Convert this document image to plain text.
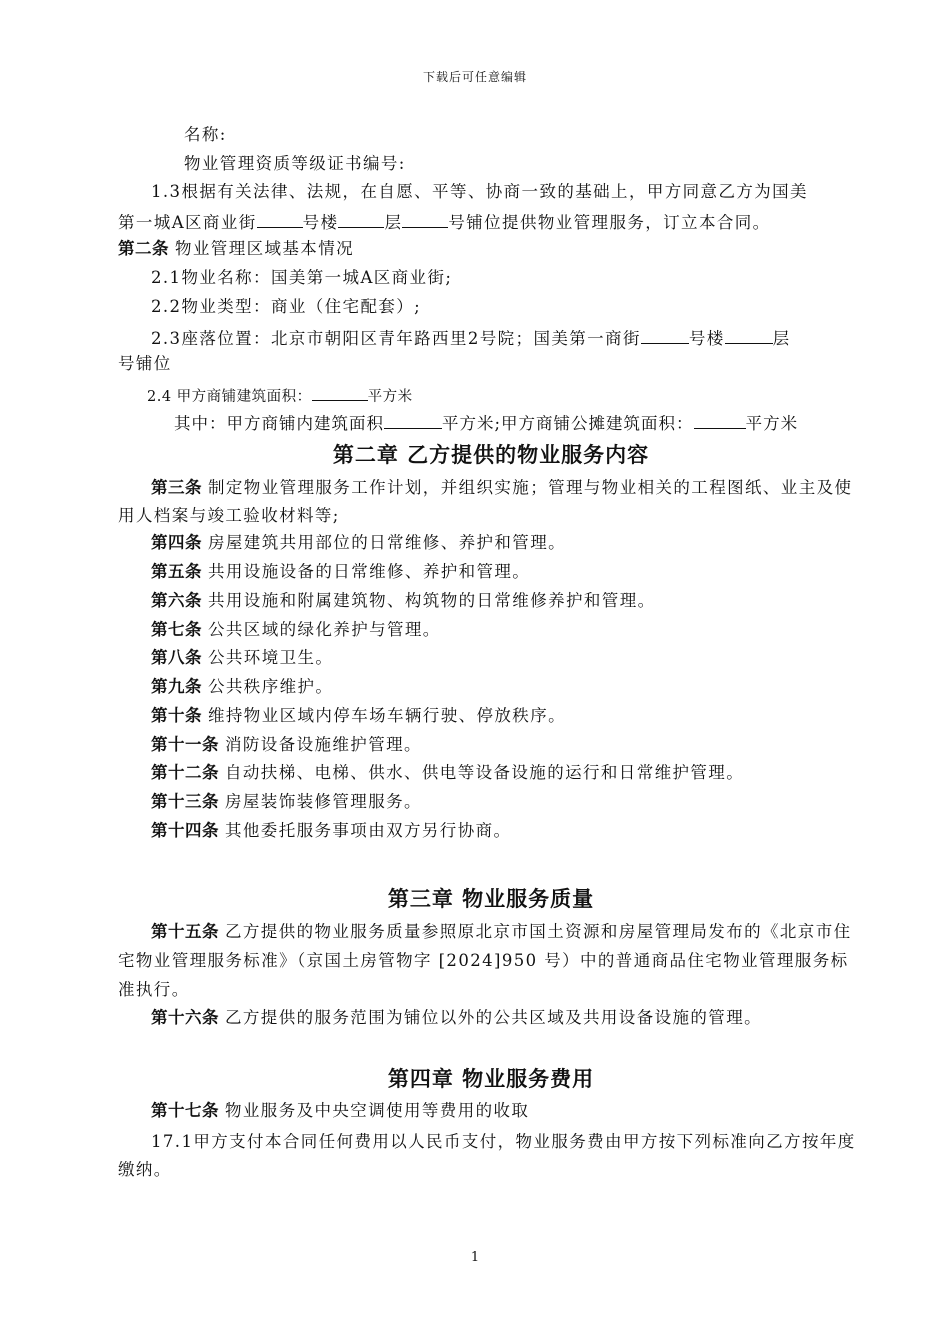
下载后可任意编辑
名称:
物业管理资质等级证书编号:
1.3根据有关法律、法规，在自愿、平等、协商一致的基础上，甲方同意乙方为国美
第一城A区商业街	号楼	层	号铺位提供物业管理服务，订立本合同。
第二条 物业管理区域基本情况
2.1物业名称：国美第一城A区商业街;
2.2物业类型：商业（住宅配套）;
2.3座落位置：北京市朝阳区青年路西里2号院；国美第一商街	号楼	层
号铺位
2.4 甲方商铺建筑面积：	平方米
其中：甲方商铺内建筑面积	平方米;甲方商铺公摊建筑面积：	平方米
第二章 乙方提供的物业服务内容
第三条 制定物业管理服务工作计划，并组织实施；管理与物业相关的工程图纸、业主及使用人档案与竣工验收材料等;
第四条 房屋建筑共用部位的日常维修、养护和管理。
第五条 共用设施设备的日常维修、养护和管理。
第六条 共用设施和附属建筑物、构筑物的日常维修养护和管理。
第七条 公共区域的绿化养护与管理。
第八条 公共环境卫生。
第九条 公共秩序维护。
第十条 维持物业区域内停车场车辆行驶、停放秩序。
第十一条 消防设备设施维护管理。
第十二条 自动扶梯、电梯、供水、供电等设备设施的运行和日常维护管理。
第十三条 房屋装饰装修管理服务。
第十四条 其他委托服务事项由双方另行协商。
第三章 物业服务质量
第十五条 乙方提供的物业服务质量参照原北京市国土资源和房屋管理局发布的《北京市住宅物业管理服务标准》（京国土房管物字 [2024]950 号）中的普通商品住宅物业管理服务标准执行。
第十六条 乙方提供的服务范围为铺位以外的公共区域及共用设备设施的管理。
第四章 物业服务费用
第十七条 物业服务及中央空调使用等费用的收取
17.1甲方支付本合同任何费用以人民币支付，物业服务费由甲方按下列标准向乙方按年度缴纳。
1
